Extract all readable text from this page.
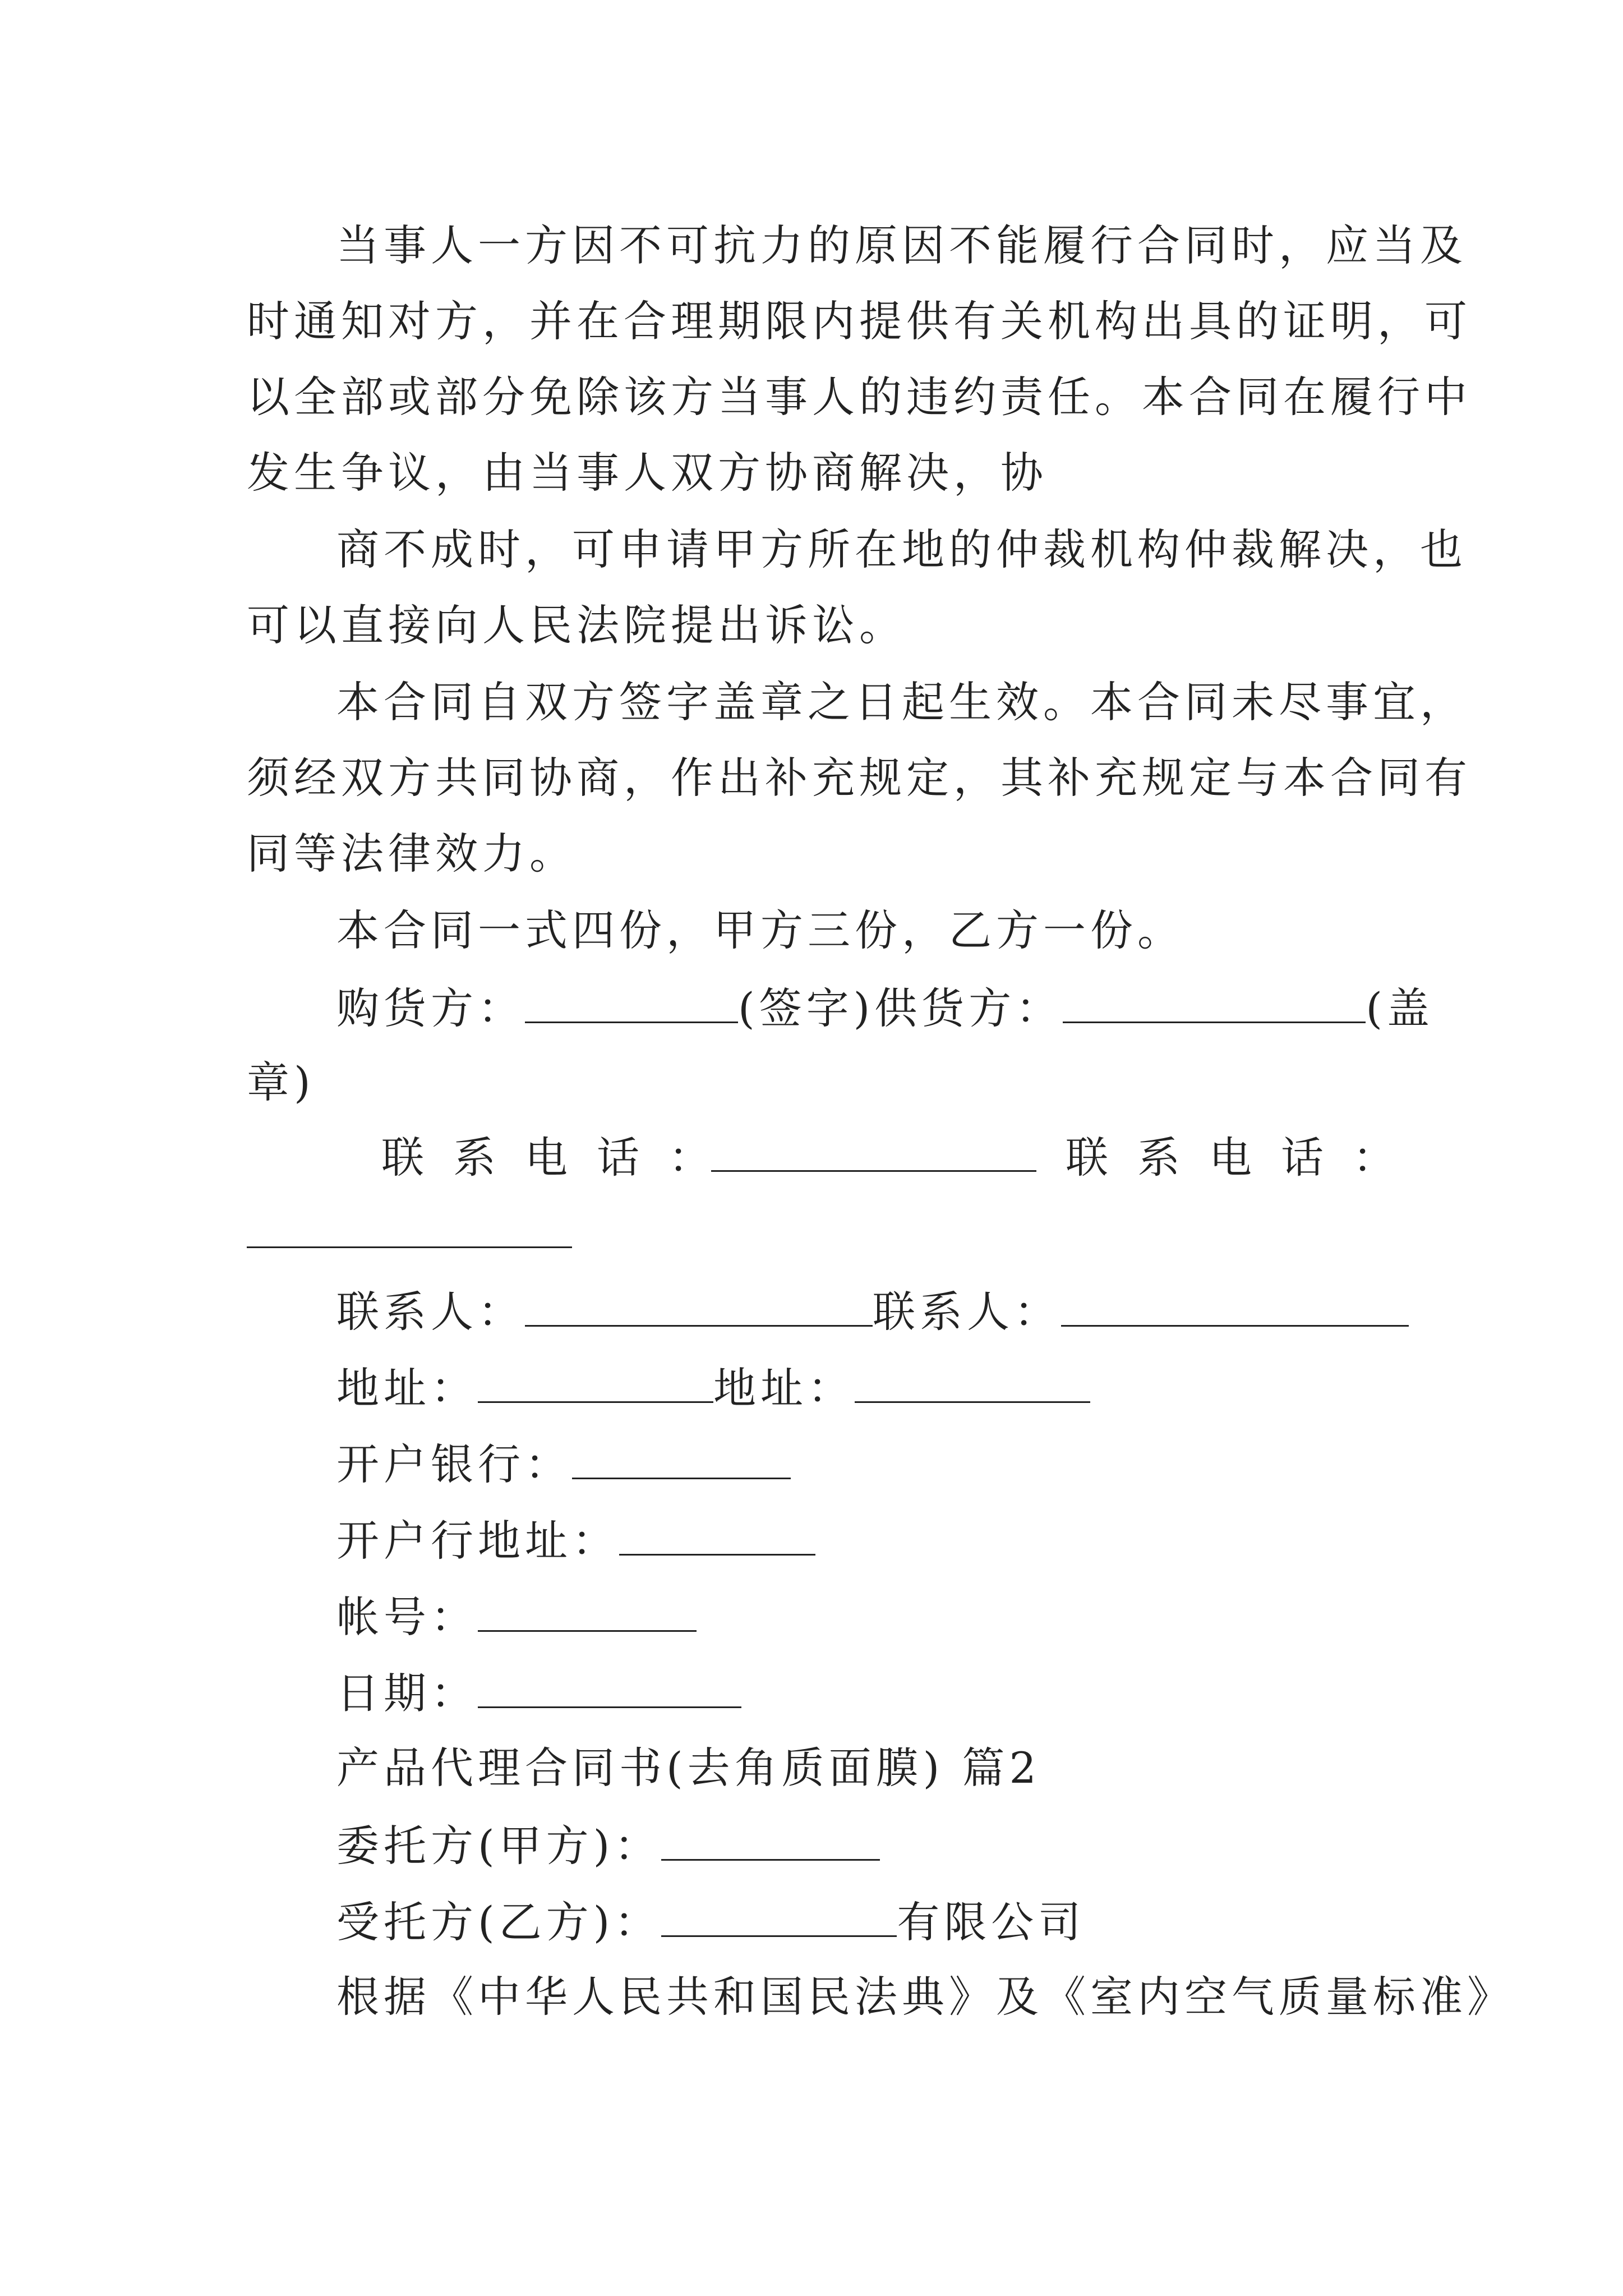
当事人一方因不可抗力的原因不能履行合同时，应当及
时通知对方，并在合理期限内提供有关机构出具的证明，可
以全部或部分免除该方当事人的违约责任。本合同在履行中
发生争议，由当事人双方协商解决，协
商不成时，可申请甲方所在地的仲裁机构仲裁解决，也
可以直接向人民法院提出诉讼。
本合同自双方签字盖章之日起生效。本合同未尽事宜，
须经双方共同协商，作出补充规定，其补充规定与本合同有
同等法律效力。
本合同一式四份，甲方三份，乙方一份。
购货方：	(签字)供货方：	(盖
章)
联系电话：	联系电话：
联系人：	联系人：
地址：	地址：
开户银行：
开户行地址：
帐号：
日期：
产品代理合同书(去角质面膜) 篇2
委托方(甲方)：
受托方(乙方)：	有限公司
根据《中华人民共和国民法典》及《室内空气质量标准》
